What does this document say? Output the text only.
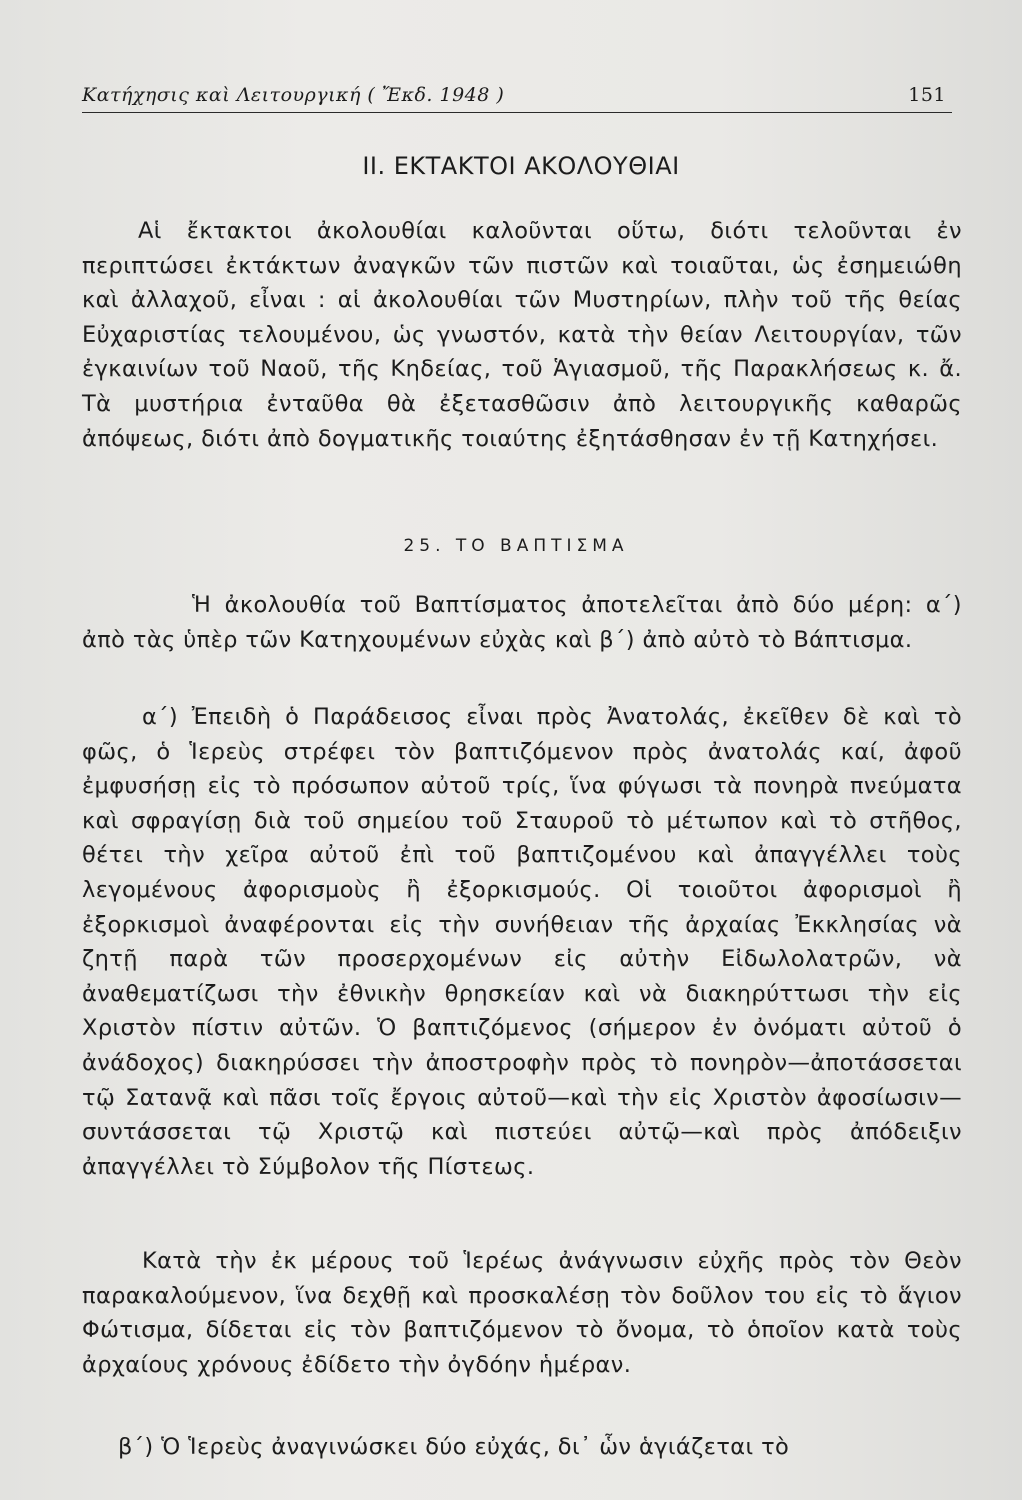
Κατήχησις καὶ Λειτουργική ( Ἔκδ. 1948 )	151
ΙΙ. ΕΚΤΑΚΤΟΙ ΑΚΟΛΟΥΘΙΑΙ

Αἱ ἔκτακτοι ἀκολουθίαι καλοῦνται οὕτω, διότι τελοῦνται ἐν περιπτώσει ἐκτάκτων ἀναγκῶν τῶν πιστῶν καὶ τοιαῦται, ὡς ἐσημειώθη καὶ ἀλλαχοῦ, εἶναι : αἱ ἀκολουθίαι τῶν Μυστηρίων, πλὴν τοῦ τῆς θείας Εὐχαριστίας τελουμένου, ὡς γνωστόν, κατὰ τὴν θείαν Λειτουργίαν, τῶν ἐγκαινίων τοῦ Ναοῦ, τῆς Κηδείας, τοῦ Ἁγιασμοῦ, τῆς Παρακλήσεως κ. ἄ. Τὰ μυστήρια ἐνταῦθα θὰ ἐξετασθῶσιν ἀπὸ λειτουργικῆς καθαρῶς ἀπόψεως, διότι ἀπὸ δογματικῆς τοιαύτης ἐξητάσθησαν ἐν τῇ Κατηχήσει.

25. ΤΟ ΒΑΠΤΙΣΜΑ

Ἡ ἀκολουθία τοῦ Βαπτίσματος ἀποτελεῖται ἀπὸ δύο μέρη: α΄) ἀπὸ τὰς ὑπὲρ τῶν Κατηχουμένων εὐχὰς καὶ β΄) ἀπὸ αὐτὸ τὸ Βάπτισμα.

α΄) Ἐπειδὴ ὁ Παράδεισος εἶναι πρὸς Ἀνατολάς, ἐκεῖθεν δὲ καὶ τὸ φῶς, ὁ Ἱερεὺς στρέφει τὸν βαπτιζόμενον πρὸς ἀνατολάς καί, ἀφοῦ ἐμφυσήσῃ εἰς τὸ πρόσωπον αὐτοῦ τρίς, ἵνα φύγωσι τὰ πονηρὰ πνεύματα καὶ σφραγίσῃ διὰ τοῦ σημείου τοῦ Σταυροῦ τὸ μέτωπον καὶ τὸ στῆθος, θέτει τὴν χεῖρα αὐτοῦ ἐπὶ τοῦ βαπτιζομένου καὶ ἀπαγγέλλει τοὺς λεγομένους ἀφορισμοὺς ἢ ἐξορκισμούς. Οἱ τοιοῦτοι ἀφορισμοὶ ἢ ἐξορκισμοὶ ἀναφέρονται εἰς τὴν συνήθειαν τῆς ἀρχαίας Ἐκκλησίας νὰ ζητῇ παρὰ τῶν προσερχομένων εἰς αὐτὴν Εἰδωλολατρῶν, νὰ ἀναθεματίζωσι τὴν ἐθνικὴν θρησκείαν καὶ νὰ διακηρύττωσι τὴν εἰς Χριστὸν πίστιν αὐτῶν. Ὁ βαπτιζόμενος (σήμερον ἐν ὀνόματι αὐτοῦ ὁ ἀνάδοχος) διακηρύσσει τὴν ἀποστροφὴν πρὸς τὸ πονηρὸν—ἀποτάσσεται τῷ Σατανᾷ καὶ πᾶσι τοῖς ἔργοις αὐτοῦ—καὶ τὴν εἰς Χριστὸν ἀφοσίωσιν—συντάσσεται τῷ Χριστῷ καὶ πιστεύει αὐτῷ—καὶ πρὸς ἀπόδειξιν ἀπαγγέλλει τὸ Σύμβολον τῆς Πίστεως.

Κατὰ τὴν ἐκ μέρους τοῦ Ἱερέως ἀνάγνωσιν εὐχῆς πρὸς τὸν Θεὸν παρακαλούμενον, ἵνα δεχθῇ καὶ προσκαλέσῃ τὸν δοῦλον του εἰς τὸ ἅγιον Φώτισμα, δίδεται εἰς τὸν βαπτιζόμενον τὸ ὄνομα, τὸ ὁποῖον κατὰ τοὺς ἀρχαίους χρόνους ἐδίδετο τὴν ὀγδόην ἡμέραν.

β΄) Ὁ Ἱερεὺς ἀναγινώσκει δύο εὐχάς, δι᾿ ὧν ἁγιάζεται τὸ
